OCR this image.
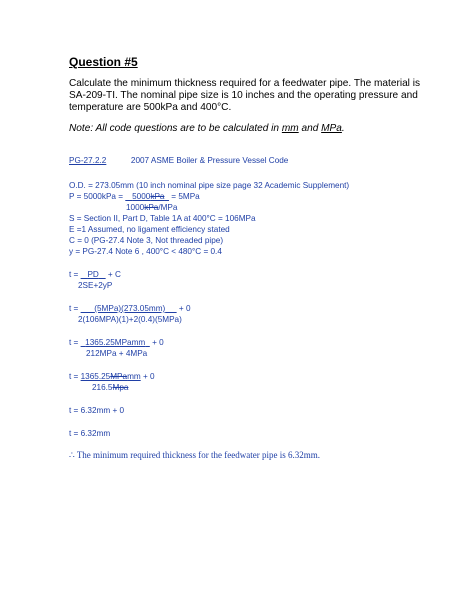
Question #5
Calculate the minimum thickness required for a feedwater pipe. The material is
SA-209-TI. The nominal pipe size is 10 inches and the operating pressure and
temperature are 500kPa and 400°C.
Note: All code questions are to be calculated in mm and MPa.
PG-27.2.2	2007 ASME Boiler & Pressure Vessel Code
O.D. = 273.05mm (10 inch nominal pipe size page 32 Academic Supplement)
P = 5000kPa =    5000kPa   = 5MPa
1000kPa/MPa
S = Section II, Part D, Table 1A at 400°C = 106MPa
E =1 Assumed, no ligament efficiency stated
C = 0 (PG-27.4 Note 3, Not threaded pipe)
y = PG-27.4 Note 6 , 400°C < 480°C = 0.4
t =    PD    + C
2SE+2yP
t =       (5MPa)(273.05mm)      + 0
2(106MPA)(1)+2(0.4)(5MPa)
t =   1365.25MPamm   + 0
212MPa + 4MPa
t = 1365.25MPamm + 0
216.5Mpa
t = 6.32mm + 0
t = 6.32mm
∴ The minimum required thickness for the feedwater pipe is 6.32mm.
